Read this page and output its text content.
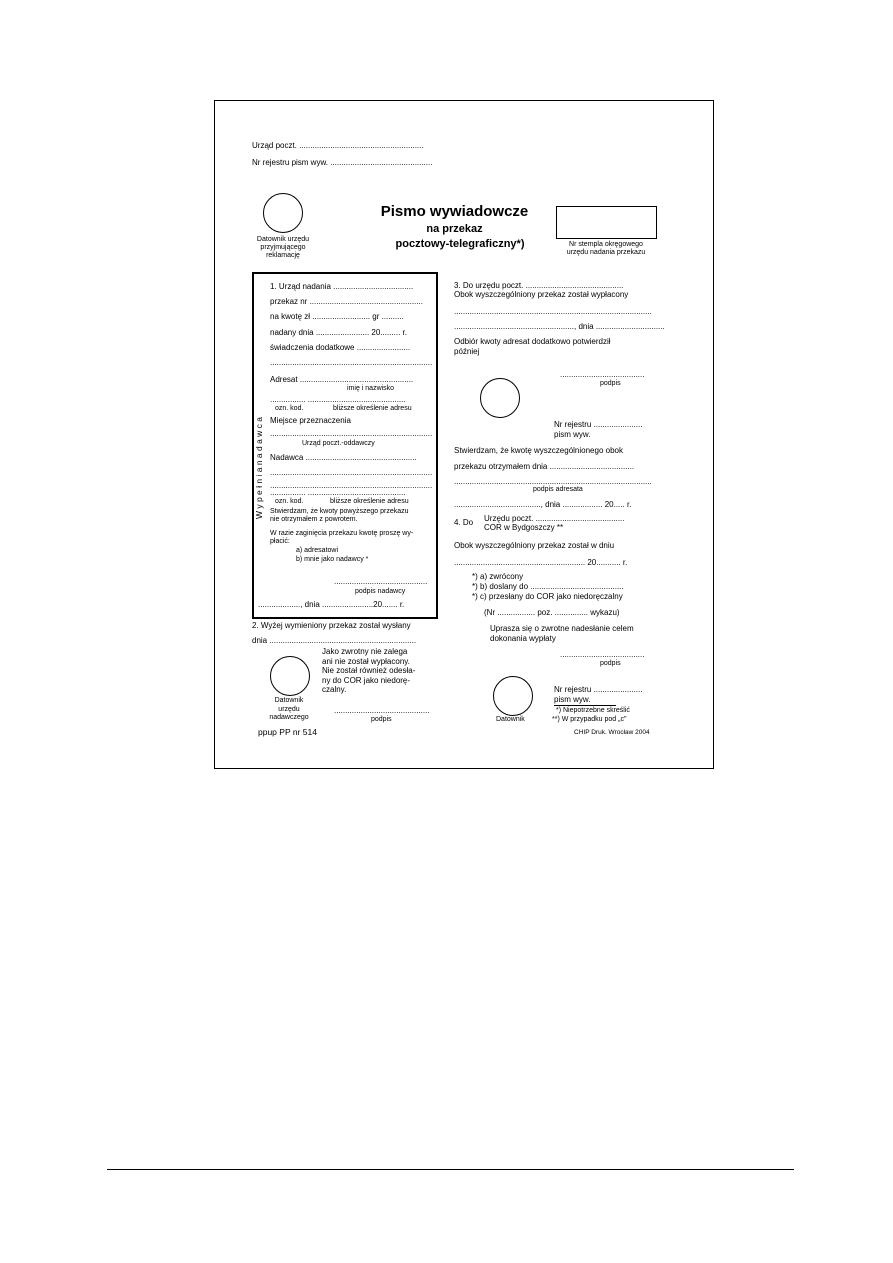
Urząd poczt. ........................................................
Nr rejestru pism wyw. ..............................................
Datownik urzędu
przyjmującego
reklamację
Pismo wywiadowcze
na przekaz
pocztowy-telegraficzny*)	Nr stempla okręgowego
urzędu nadania przekazu
W y p e ł n i a n a d a w c a
1. Urząd nadania ....................................
przekaz nr ...................................................
na kwotę zł .......................... gr ..........
nadany dnia ........................ 20......... r.
świadczenia dodatkowe ........................
.........................................................................
Adresat ...................................................
imię i nazwisko
................ ............................................
ozn. kod.	bliższe określenie adresu
Miejsce przeznaczenia
.........................................................................
Urząd poczt.-oddawczy
Nadawca ..................................................
.........................................................................
.........................................................................
................ ............................................
ozn. kod.	bliższe określenie adresu
Stwierdzam, że kwoty powyższego przekazu
nie otrzymałem z powrotem.
W razie zaginięcia przekazu kwotę proszę wy-
płacić:
a) adresatowi
b) mnie jako nadawcy *
..........................................
podpis nadawcy
..................., dnia .......................20....... r.
2. Wyżej wymieniony przekaz został wysłany
dnia ..................................................................
Jako zwrotny nie zalega
ani nie został wypłacony.
Nie został również odesła-
ny do COR jako niedorę-
czalny.
Datownik
urzędu
nadawczego
...........................................
podpis
ppup PP nr 514
3. Do urzędu poczt. ............................................
Obok wyszczególniony przekaz został wypłacony
.........................................................................................
......................................................, dnia ...............................
Odbiór kwoty adresat dodatkowo potwierdził
później
......................................
podpis
Nr rejestru ......................
pism wyw.
Stwierdzam, że kwotę wyszczególnionego obok
przekazu otrzymałem dnia ......................................
.........................................................................................
podpis adresata
......................................., dnia .................. 20..... r.
4. Do Urzędu poczt. ........................................
COR w Bydgoszczy **
Obok wyszczególniony przekaz został w dniu
........................................................... 20........... r.
*) a) zwrócony
*) b) doslany do ..........................................
*) c) przesłany do COR jako niedoręczalny
(Nr ................. poz. ............... wykazu)
Uprasza się o zwrotne nadesłanie celem
dokonania wypłaty
......................................
podpis
Datownik
Nr rejestru ......................
pism wyw.
*) Niepotrzebne skreślić
**) W przypadku pod „c"
CHIP Druk. Wrocław 2004
